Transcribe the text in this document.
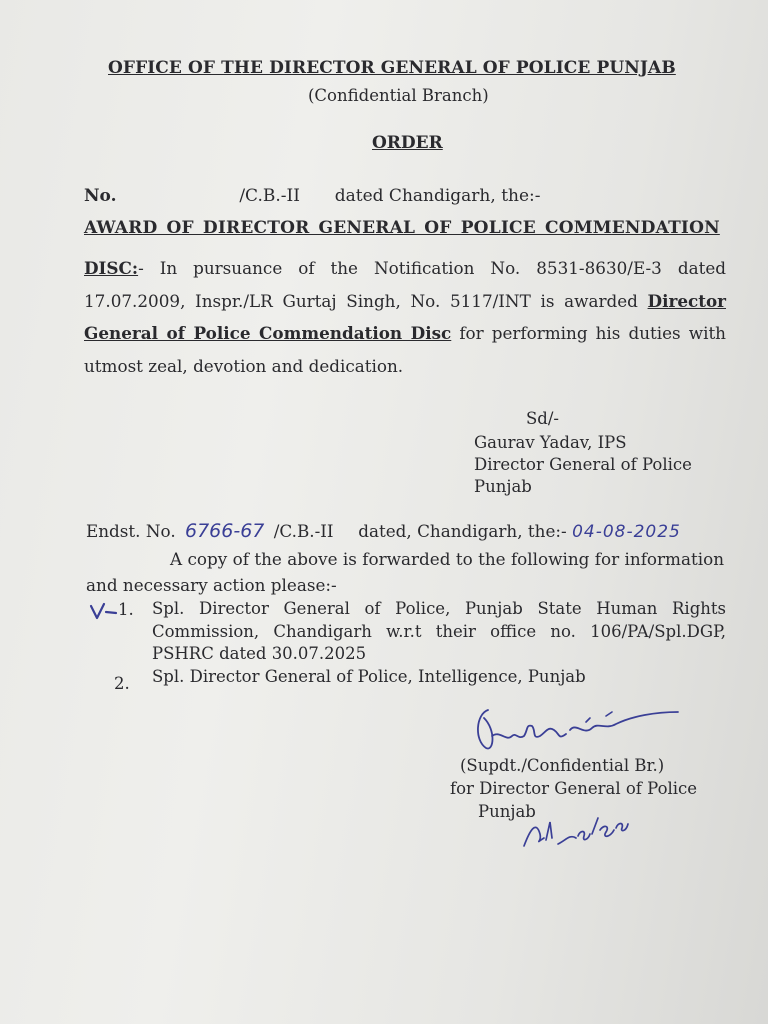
OFFICE OF THE DIRECTOR GENERAL OF POLICE PUNJAB
(Confidential Branch)
ORDER
No.	/C.B.-II dated Chandigarh, the:-
AWARD OF DIRECTOR GENERAL OF POLICE COMMENDATION
DISC:- In pursuance of the Notification No. 8531-8630/E-3 dated 17.07.2009, Inspr./LR Gurtaj Singh, No. 5117/INT is awarded Director General of Police Commendation Disc for performing his duties with utmost zeal, devotion and dedication.
Sd/-
Gaurav Yadav, IPS
Director General of Police
Punjab
Endst. No. 6766-67 /C.B.-II dated, Chandigarh, the:- 04-08-2025
A copy of the above is forwarded to the following for information and necessary action please:-
1. Spl. Director General of Police, Punjab State Human Rights Commission, Chandigarh w.r.t their office no. 106/PA/Spl.DGP, PSHRC dated 30.07.2025
2. Spl. Director General of Police, Intelligence, Punjab
(Supdt./Confidential Br.)
for Director General of Police
Punjab
